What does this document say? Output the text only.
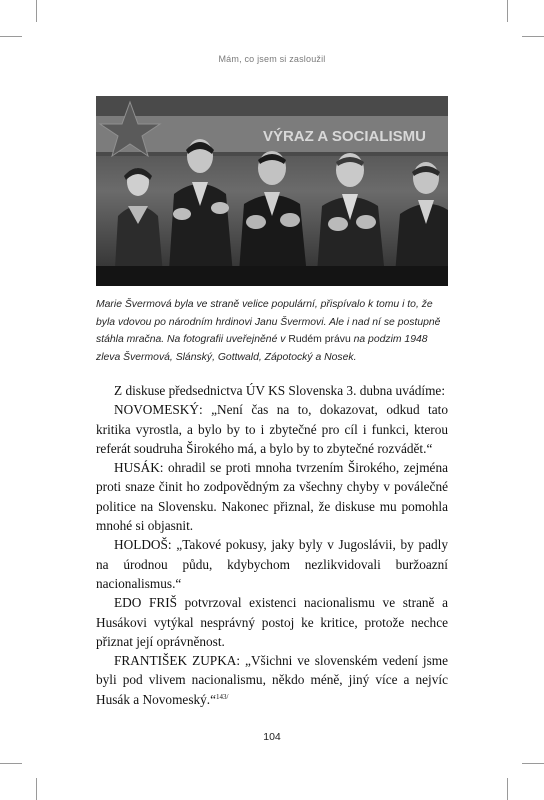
Mám, co jsem si zasloužil
VÝRAZ A SOCIALISMU
Marie Švermová byla ve straně velice populární, přispívalo k tomu i to, že byla vdovou po národním hrdinovi Janu Švermovi. Ale i nad ní se postupně stáhla mračna. Na fotografii uveřejněné v Rudém právu na podzim 1948 zleva Švermová, Slánský, Gottwald, Zápotocký a Nosek.

Z diskuse předsednictva ÚV KS Slovenska 3. dubna uvádíme:

NOVOMESKÝ: „Není čas na to, dokazovat, odkud tato kritika vyrostla, a bylo by to i zbytečné pro cíl i funkci, kterou referát soudruha Širokého má, a bylo by to zbytečné rozvádět.“

HUSÁK: ohradil se proti mnoha tvrzením Širokého, zejména proti snaze činit ho zodpovědným za všechny chyby v poválečné politice na Slovensku. Nakonec přiznal, že diskuse mu pomohla mnohé si objasnit.

HOLDOŠ: „Takové pokusy, jaky byly v Jugoslávii, by padly na úrodnou půdu, kdybychom nezlikvidovali buržoazní nacionalismus.“

EDO FRIŠ potvrzoval existenci nacionalismu ve straně a Husákovi vytýkal nesprávný postoj ke kritice, protože nechce přiznat její oprávněnost.

FRANTIŠEK ZUPKA: „Všichni ve slovenském vedení jsme byli pod vlivem nacionalismu, někdo méně, jiný více a nejvíc Husák a Novomeský.“$^{143/}$

104
